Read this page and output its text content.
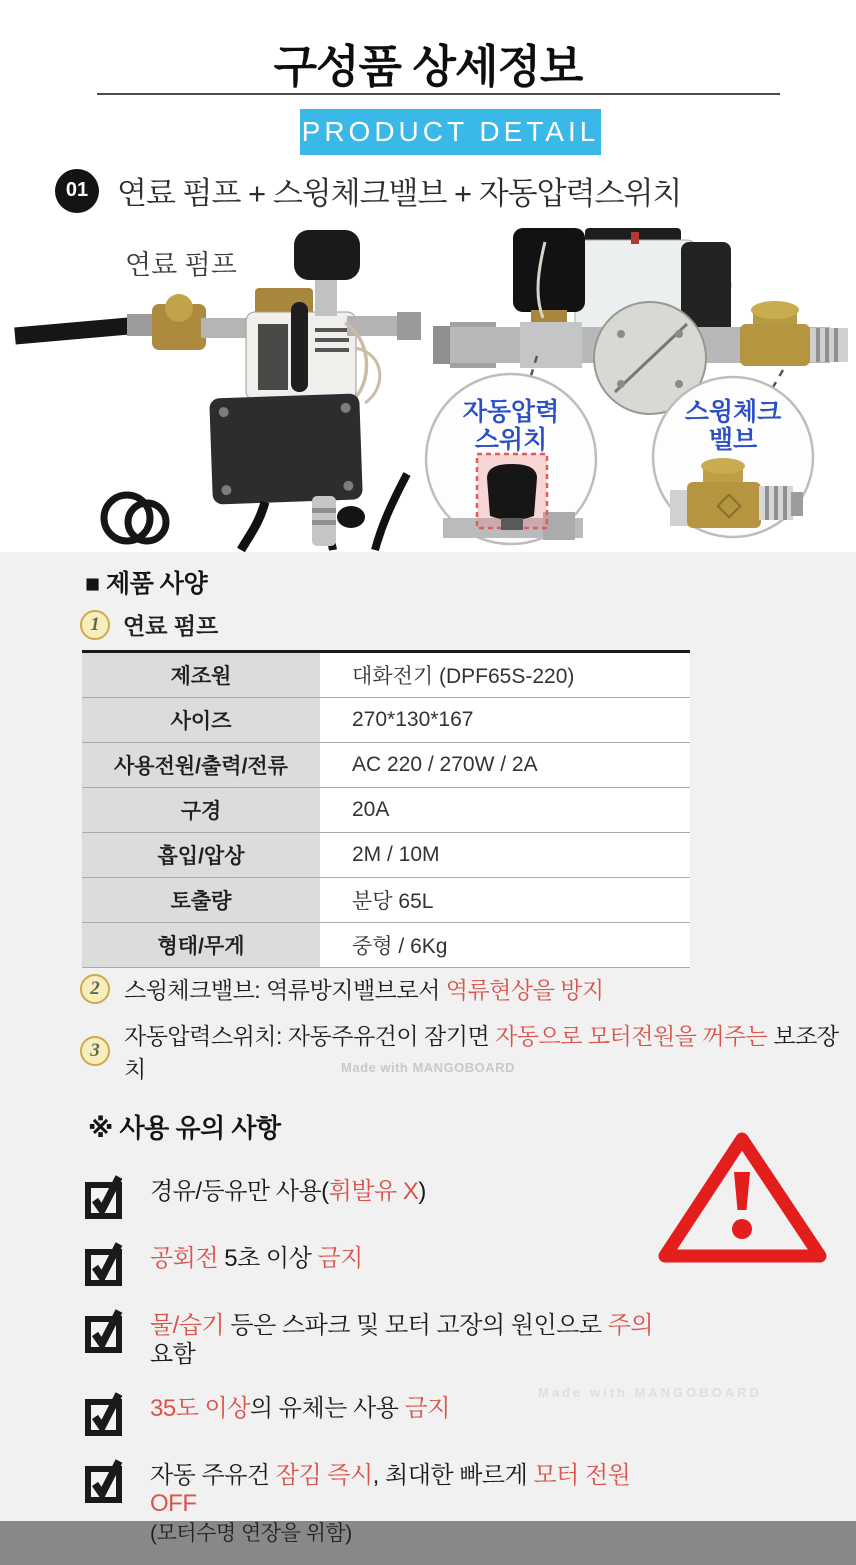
구성품 상세정보
PRODUCT DETAIL
01 연료 펌프 + 스윙체크밸브 + 자동압력스위치
연료 펌프
자동압력
스위치
스윙체크
밸브
■ 제품 사양
1	연료 펌프
제조원	대화전기 (DPF65S-220)
사이즈	270*130*167
사용전원/출력/전류	AC 220 / 270W / 2A
구경	20A
흡입/압상	2M / 10M
토출량	분당 65L
형태/무게	중형 / 6Kg
2	스윙체크밸브: 역류방지밸브로서 역류현상을 방지
3
자동압력스위치: 자동주유건이 잠기면 자동으로 모터전원을 꺼주는 보조장치	Made with MANGOBOARD
Made with MANGOBOARD
※ 사용 유의 사항
경유/등유만 사용(휘발유 X)
공회전 5초 이상 금지
물/습기 등은 스파크 및 모터 고장의 원인으로 주의 요함
35도 이상의 유체는 사용 금지
자동 주유건 잠김 즉시, 최대한 빠르게 모터 전원 OFF
(모터수명 연장을 위함)
